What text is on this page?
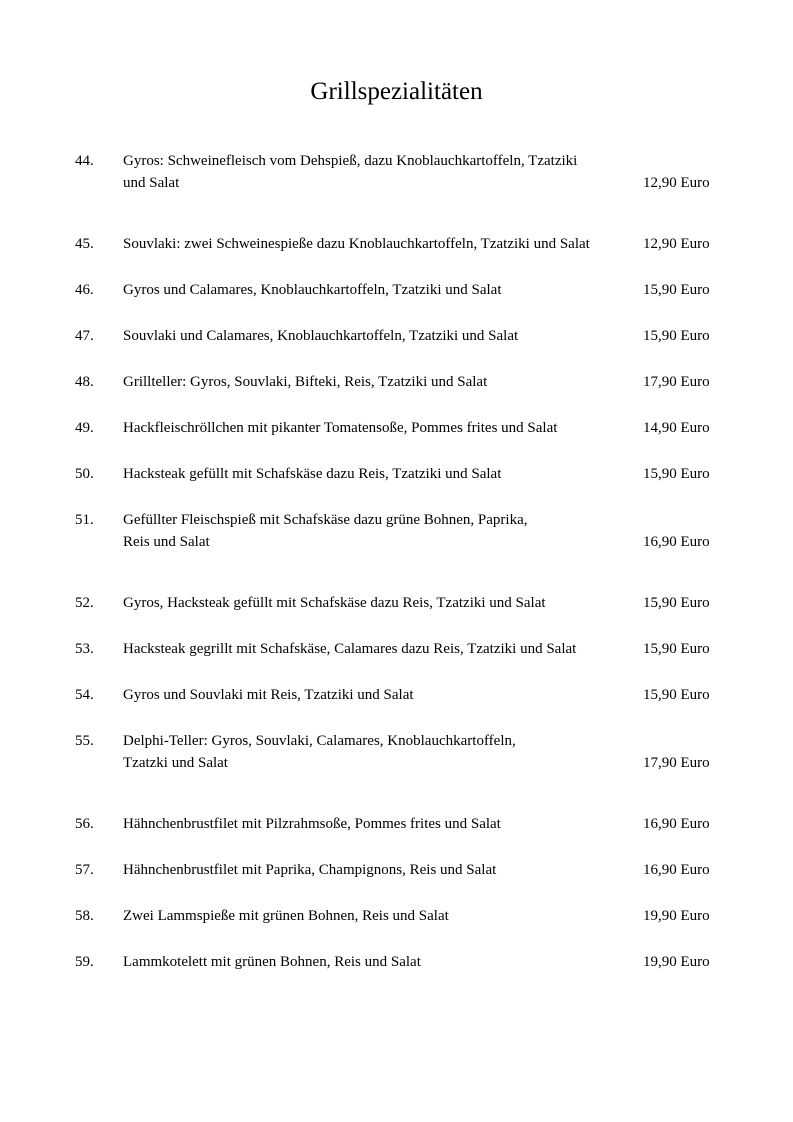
Grillspezialitäten
44. Gyros: Schweinefleisch vom Dehspieß, dazu Knoblauchkartoffeln, Tzatziki
und Salat	12,90 Euro
45. Souvlaki: zwei Schweinespieße dazu Knoblauchkartoffeln, Tzatziki und Salat	12,90 Euro
46. Gyros und Calamares, Knoblauchkartoffeln, Tzatziki und Salat	15,90 Euro
47. Souvlaki und Calamares, Knoblauchkartoffeln, Tzatziki und Salat	15,90 Euro
48. Grillteller: Gyros, Souvlaki, Bifteki, Reis, Tzatziki und Salat	17,90 Euro
49. Hackfleischröllchen mit pikanter Tomatensoße, Pommes frites und Salat	14,90 Euro
50. Hacksteak gefüllt mit Schafskäse dazu Reis, Tzatziki und Salat	15,90 Euro
51. Gefüllter Fleischspieß mit Schafskäse dazu grüne Bohnen, Paprika,
Reis und Salat	16,90 Euro
52. Gyros, Hacksteak gefüllt mit Schafskäse dazu Reis, Tzatziki und Salat	15,90 Euro
53. Hacksteak gegrillt mit Schafskäse, Calamares dazu Reis, Tzatziki und Salat	15,90 Euro
54. Gyros und Souvlaki mit Reis, Tzatziki und Salat	15,90 Euro
55. Delphi-Teller: Gyros, Souvlaki, Calamares, Knoblauchkartoffeln,
Tzatzki und Salat	17,90 Euro
56. Hähnchenbrustfilet mit Pilzrahmsoße, Pommes frites und Salat	16,90 Euro
57. Hähnchenbrustfilet mit Paprika, Champignons, Reis und Salat	16,90 Euro
58. Zwei Lammspieße mit grünen Bohnen, Reis und Salat	19,90 Euro
59. Lammkotelett mit grünen Bohnen, Reis und Salat	19,90 Euro
